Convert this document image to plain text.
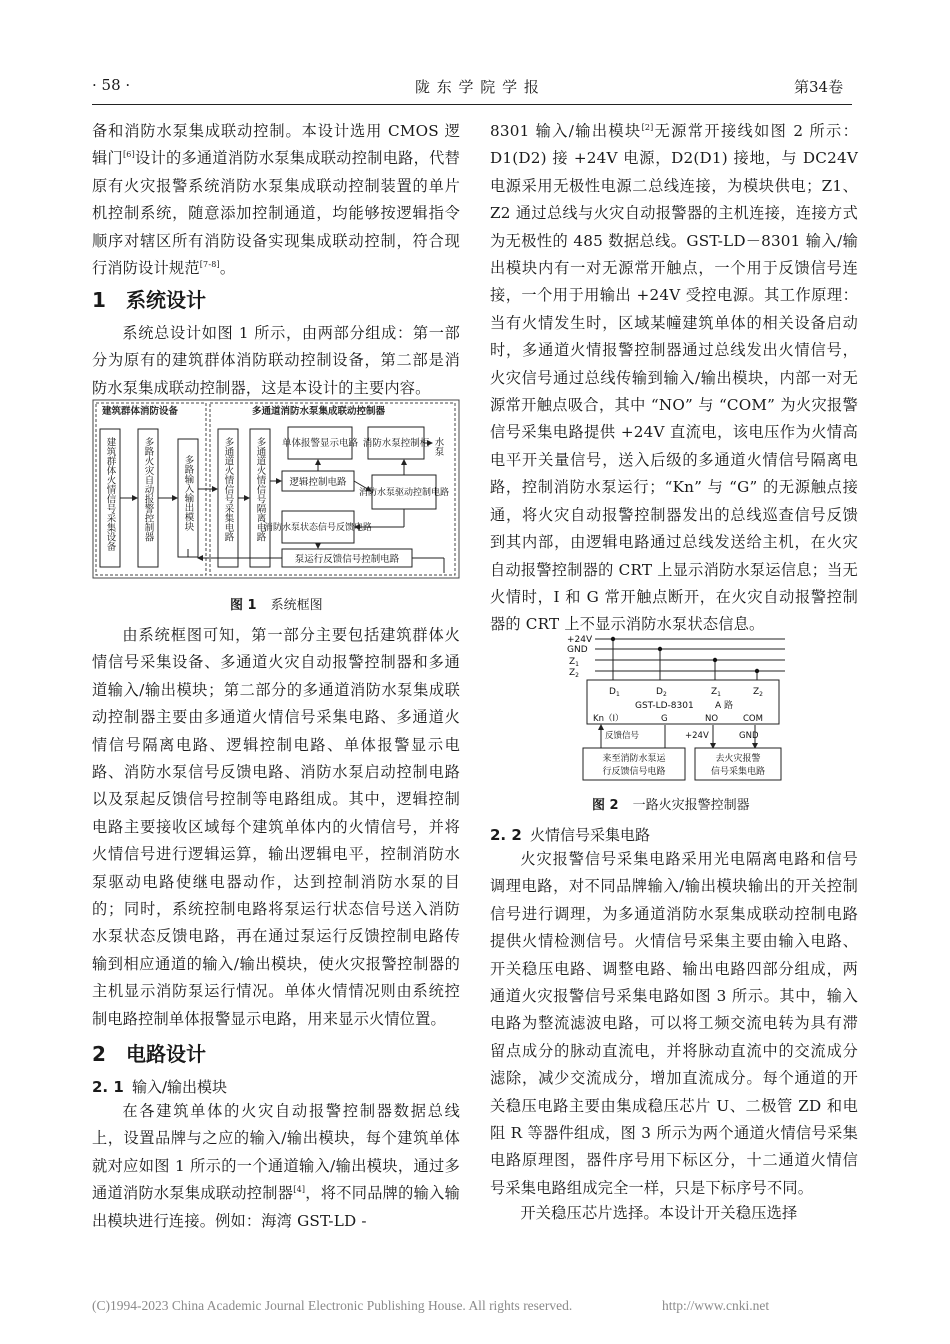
· 58 ·	陇 东 学 院 学 报	第34卷

备和消防水泵集成联动控制。本设计选用 CMOS 逻辑门[6]设计的多通道消防水泵集成联动控制电路，代替原有火灾报警系统消防水泵集成联动控制装置的单片机控制系统，随意添加控制通道，均能够按逻辑指令顺序对辖区所有消防设备实现集成联动控制，符合现行消防设计规范[7-8]。

1 系统设计

系统总设计如图 1 所示，由两部分组成：第一部分为原有的建筑群体消防联动控制设备，第二部是消防水泵集成联动控制器，这是本设计的主要内容。

建筑群体消防设备	多通道消防水泵集成联动控制器
建筑群体火情信号采集设备	多路火灾自动报警控制器	多路输入输出模块	多通道火情信号采集电路 多通道火情信号隔离电路 单体报警显示电路
逻辑控制电路
消防水泵状态信号反馈电路
消防水泵控制柜 水泵
消防水泵驱动控制电路
泵运行反馈信号控制电路
图 1 系统框图

由系统框图可知，第一部分主要包括建筑群体火情信号采集设备、多通道火灾自动报警控制器和多通道输入/输出模块；第二部分的多通道消防水泵集成联动控制器主要由多通道火情信号采集电路、多通道火情信号隔离电路、逻辑控制电路、单体报警显示电路、消防水泵信号反馈电路、消防水泵启动控制电路以及泵起反馈信号控制等电路组成。其中，逻辑控制电路主要接收区域每个建筑单体内的火情信号，并将火情信号进行逻辑运算，输出逻辑电平，控制消防水泵驱动电路使继电器动作，达到控制消防水泵的目的；同时，系统控制电路将泵运行状态信号送入消防水泵状态反馈电路，再在通过泵运行反馈控制电路传输到相应通道的输入/输出模块，使火灾报警控制器的主机显示消防泵运行情况。单体火情情况则由系统控制电路控制单体报警显示电路，用来显示火情位置。

2 电路设计
2. 1 输入/输出模块

在各建筑单体的火灾自动报警控制器数据总线上，设置品牌与之应的输入/输出模块，每个建筑单体就对应如图 1 所示的一个通道输入/输出模块，通过多通道消防水泵集成联动控制器[4]，将不同品牌的输入输出模块进行连接。例如：海湾 GST-LD -

8301 输入/输出模块[2]无源常开接线如图 2 所示：D1(D2) 接 +24V 电源，D2(D1) 接地，与 DC24V 电源采用无极性电源二总线连接，为模块供电；Z1、Z2 通过总线与火灾自动报警器的主机连接，连接方式为无极性的 485 数据总线。GST-LD－8301 输入/输出模块内有一对无源常开触点，一个用于反馈信号连接，一个用于用输出 +24V 受控电源。其工作原理：当有火情发生时，区域某幢建筑单体的相关设备启动时，多通道火情报警控制器通过总线发出火情信号，火灾信号通过总线传输到输入/输出模块，内部一对无源常开触点吸合，其中 “NO” 与 “COM” 为火灾报警信号采集电路提供 +24V 直流电，该电压作为火情高电平开关量信号，送入后级的多通道火情信号隔离电路，控制消防水泵运行；“Kn” 与 “G” 的无源触点接通，将火灾自动报警控制器发出的总线巡查信号反馈到其内部，由逻辑电路通过总线发送给主机，在火灾自动报警控制器的 CRT 上显示消防水泵运信息；当无火情时，I 和 G 常开触点断开，在火灾自动报警控制器的 CRT 上不显示消防水泵状态信息。

+24V
GND
$Z_1$
$Z_2$
$D_1$	$D_2$	$Z_1$	$Z_2$
GST-LD-8301 A 路
Kn（I）	G	NO	COM
反馈信号	+24V	GND
来至消防水泵运
行反馈信号电路
去火灾报警
信号采集电路
图 2 一路火灾报警控制器
2. 2 火情信号采集电路

火灾报警信号采集电路采用光电隔离电路和信号调理电路，对不同品牌输入/输出模块输出的开关控制信号进行调理，为多通道消防水泵集成联动控制电路提供火情检测信号。火情信号采集主要由输入电路、开关稳压电路、调整电路、输出电路四部分组成，两通道火灾报警信号采集电路如图 3 所示。其中，输入电路为整流滤波电路，可以将工频交流电转为具有滞留点成分的脉动直流电，并将脉动直流中的交流成分滤除，减少交流成分，增加直流成分。每个通道的开关稳压电路主要由集成稳压芯片 U、二极管 ZD 和电阻 R 等器件组成，图 3 所示为两个通道火情信号采集电路原理图，器件序号用下标区分，十二通道火情信号采集电路组成完全一样，只是下标序号不同。

开关稳压芯片选择。本设计开关稳压选择

(C)1994-2023 China Academic Journal Electronic Publishing House. All rights reserved.	http://www.cnki.net
